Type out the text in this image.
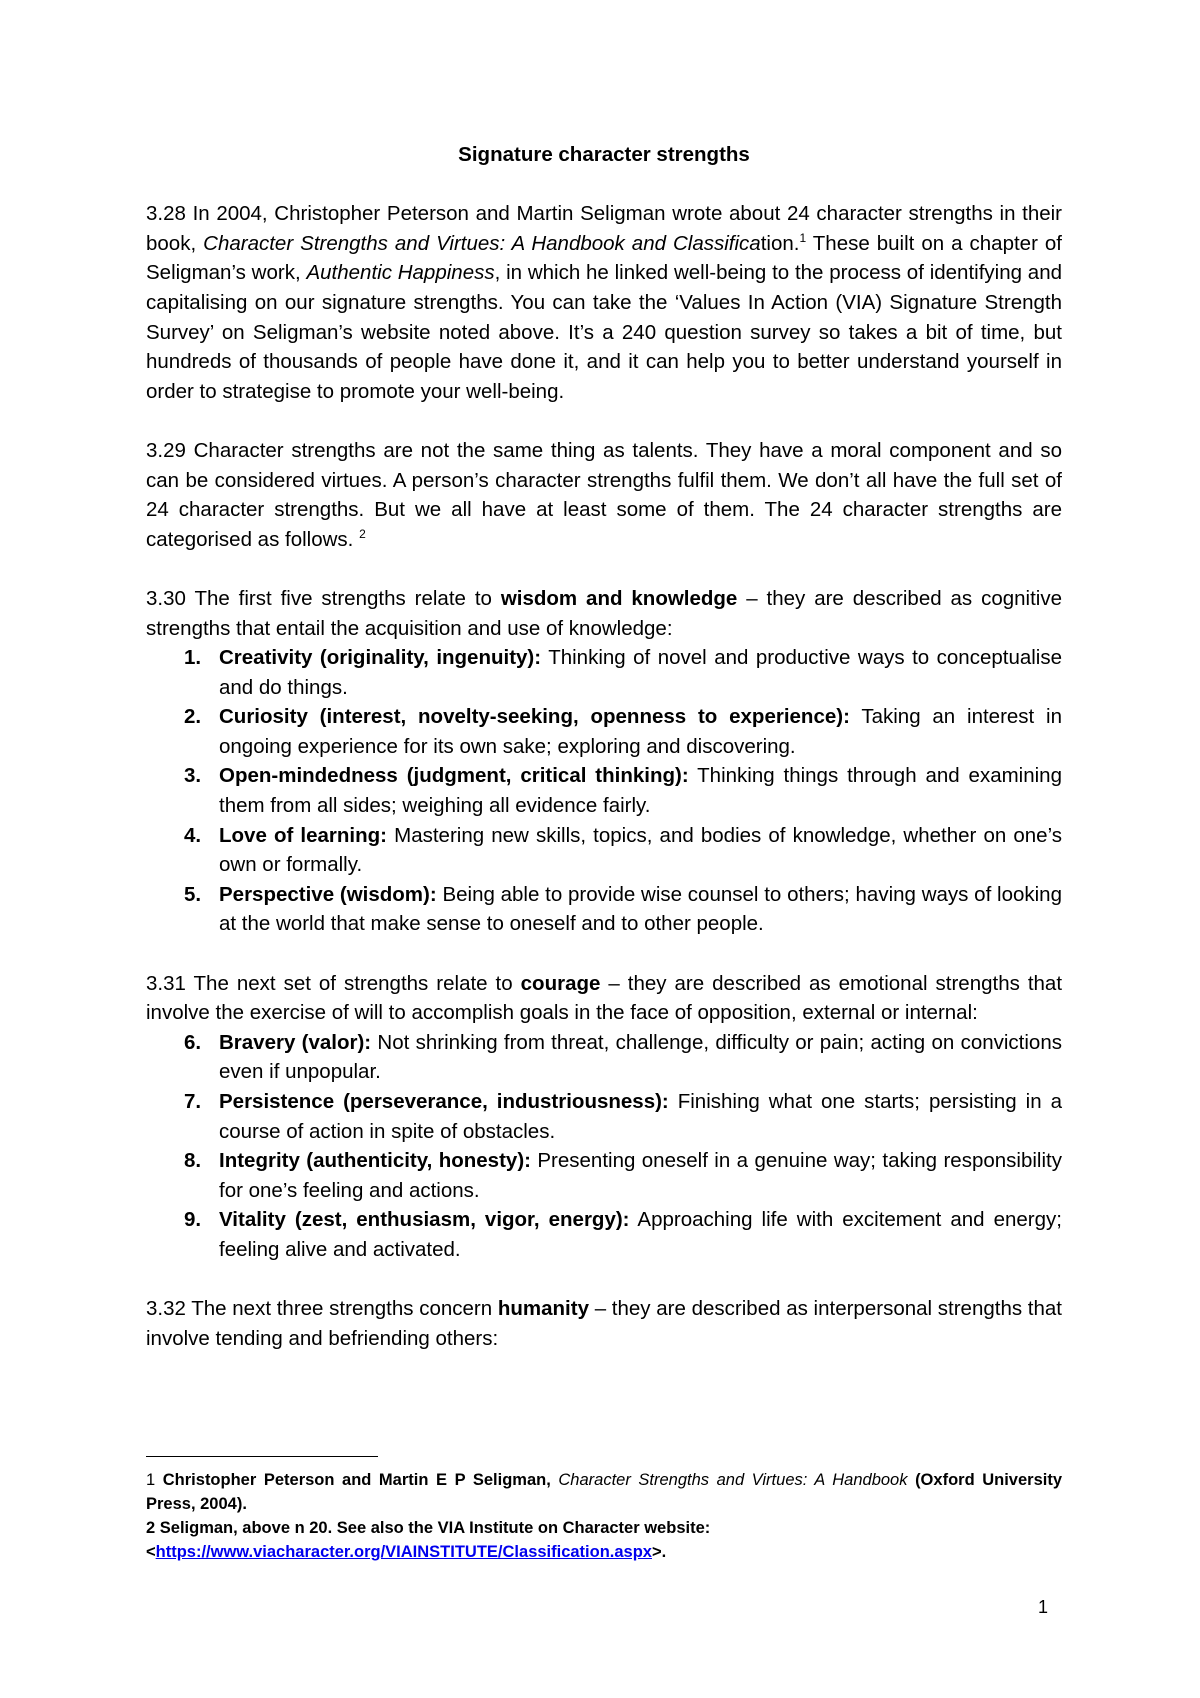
Signature character strengths
3.28 In 2004, Christopher Peterson and Martin Seligman wrote about 24 character strengths in their book, Character Strengths and Virtues: A Handbook and Classification.$^1$ These built on a chapter of Seligman’s work, Authentic Happiness, in which he linked well-being to the process of identifying and capitalising on our signature strengths. You can take the ‘Values In Action (VIA) Signature Strength Survey’ on Seligman’s website noted above. It’s a 240 question survey so takes a bit of time, but hundreds of thousands of people have done it, and it can help you to better understand yourself in order to strategise to promote your well-being.
3.29 Character strengths are not the same thing as talents. They have a moral component and so can be considered virtues. A person’s character strengths fulfil them. We don’t all have the full set of 24 character strengths. But we all have at least some of them. The 24 character strengths are categorised as follows. $^2$
3.30 The first five strengths relate to wisdom and knowledge – they are described as cognitive strengths that entail the acquisition and use of knowledge:
1. Creativity (originality, ingenuity): Thinking of novel and productive ways to conceptualise and do things.
2. Curiosity (interest, novelty-seeking, openness to experience): Taking an interest in ongoing experience for its own sake; exploring and discovering.
3. Open-mindedness (judgment, critical thinking): Thinking things through and examining them from all sides; weighing all evidence fairly.
4. Love of learning: Mastering new skills, topics, and bodies of knowledge, whether on one’s own or formally.
5. Perspective (wisdom): Being able to provide wise counsel to others; having ways of looking at the world that make sense to oneself and to other people.
3.31 The next set of strengths relate to courage – they are described as emotional strengths that involve the exercise of will to accomplish goals in the face of opposition, external or internal:
6. Bravery (valor): Not shrinking from threat, challenge, difficulty or pain; acting on convictions even if unpopular.
7. Persistence (perseverance, industriousness): Finishing what one starts; persisting in a course of action in spite of obstacles.
8. Integrity (authenticity, honesty): Presenting oneself in a genuine way; taking responsibility for one’s feeling and actions.
9. Vitality (zest, enthusiasm, vigor, energy): Approaching life with excitement and energy; feeling alive and activated.
3.32 The next three strengths concern humanity – they are described as interpersonal strengths that involve tending and befriending others:
1 Christopher Peterson and Martin E P Seligman, Character Strengths and Virtues: A Handbook (Oxford University Press, 2004).
2 Seligman, above n 20. See also the VIA Institute on Character website:
<https://www.viacharacter.org/VIAINSTITUTE/Classification.aspx>.
1
